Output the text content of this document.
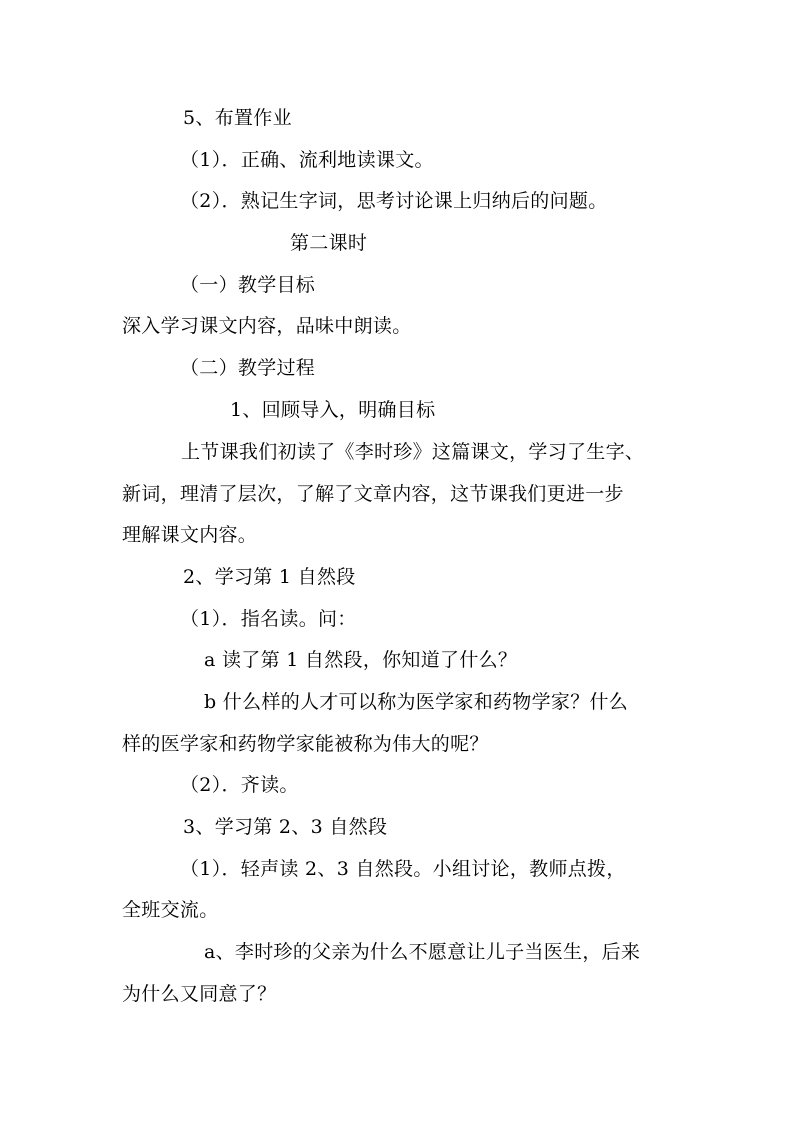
5、布置作业
（1）．正确、流利地读课文。
（2）．熟记生字词，思考讨论课上归纳后的问题。
第二课时
（一）教学目标
深入学习课文内容，品味中朗读。
（二）教学过程
1、回顾导入，明确目标
上节课我们初读了《李时珍》这篇课文，学习了生字、
新词，理清了层次，了解了文章内容，这节课我们更进一步
理解课文内容。
2、学习第 1 自然段
（1）．指名读。问：
a 读了第 1 自然段，你知道了什么？
b 什么样的人才可以称为医学家和药物学家？什么
样的医学家和药物学家能被称为伟大的呢？
（2）．齐读。
3、学习第 2、3 自然段
（1）．轻声读 2、3 自然段。小组讨论，教师点拨，
全班交流。
a、李时珍的父亲为什么不愿意让儿子当医生，后来
为什么又同意了？
